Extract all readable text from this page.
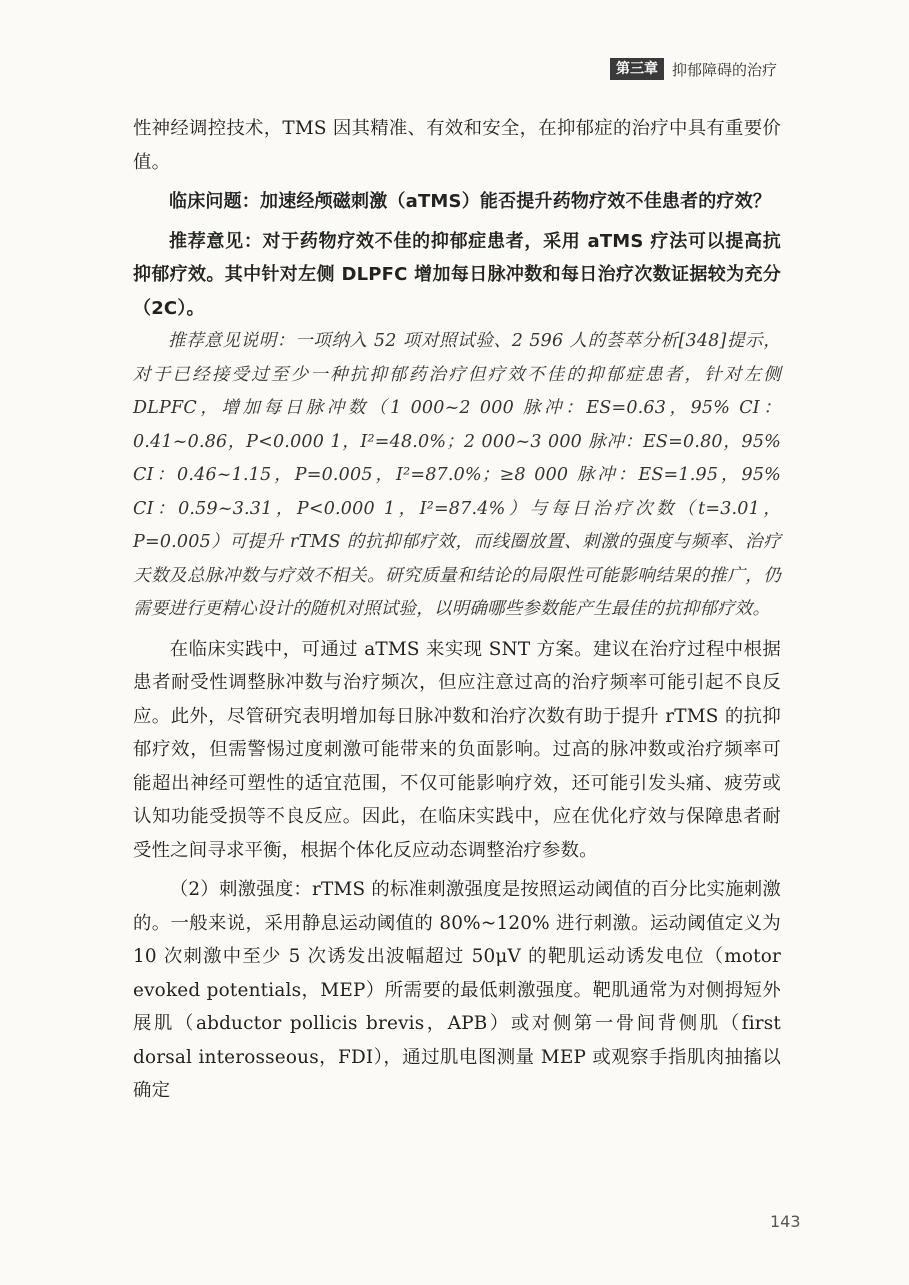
第三章 抑郁障碍的治疗

性神经调控技术，TMS 因其精准、有效和安全，在抑郁症的治疗中具有重要价值。

临床问题：加速经颅磁刺激（aTMS）能否提升药物疗效不佳患者的疗效？

推荐意见：对于药物疗效不佳的抑郁症患者，采用 aTMS 疗法可以提高抗抑郁疗效。其中针对左侧 DLPFC 增加每日脉冲数和每日治疗次数证据较为充分（2C）。

推荐意见说明：一项纳入 52 项对照试验、2 596 人的荟萃分析[348]提示，对于已经接受过至少一种抗抑郁药治疗但疗效不佳的抑郁症患者，针对左侧 DLPFC，增加每日脉冲数（1 000~2 000 脉冲：ES=0.63，95% CI：0.41~0.86，P<0.000 1，I²=48.0%；2 000~3 000 脉冲：ES=0.80，95% CI：0.46~1.15，P=0.005，I²=87.0%；≥8 000 脉冲：ES=1.95，95% CI：0.59~3.31，P<0.000 1，I²=87.4%）与每日治疗次数（t=3.01，P=0.005）可提升 rTMS 的抗抑郁疗效，而线圈放置、刺激的强度与频率、治疗天数及总脉冲数与疗效不相关。研究质量和结论的局限性可能影响结果的推广，仍需要进行更精心设计的随机对照试验，以明确哪些参数能产生最佳的抗抑郁疗效。

在临床实践中，可通过 aTMS 来实现 SNT 方案。建议在治疗过程中根据患者耐受性调整脉冲数与治疗频次，但应注意过高的治疗频率可能引起不良反应。此外，尽管研究表明增加每日脉冲数和治疗次数有助于提升 rTMS 的抗抑郁疗效，但需警惕过度刺激可能带来的负面影响。过高的脉冲数或治疗频率可能超出神经可塑性的适宜范围，不仅可能影响疗效，还可能引发头痛、疲劳或认知功能受损等不良反应。因此，在临床实践中，应在优化疗效与保障患者耐受性之间寻求平衡，根据个体化反应动态调整治疗参数。

（2）刺激强度：rTMS 的标准刺激强度是按照运动阈值的百分比实施刺激的。一般来说，采用静息运动阈值的 80%~120% 进行刺激。运动阈值定义为 10 次刺激中至少 5 次诱发出波幅超过 50μV 的靶肌运动诱发电位（motor evoked potentials，MEP）所需要的最低刺激强度。靶肌通常为对侧拇短外展肌（abductor pollicis brevis，APB）或对侧第一骨间背侧肌（first dorsal interosseous，FDI），通过肌电图测量 MEP 或观察手指肌肉抽搐以确定

143
